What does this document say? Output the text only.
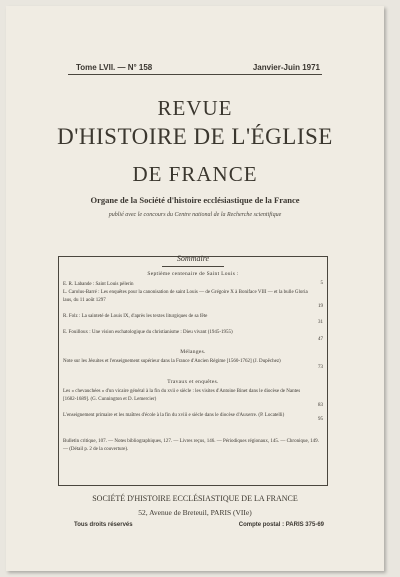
Tome LVII. — N° 158	Janvier-Juin 1971
REVUE
D'HISTOIRE DE L'ÉGLISE
DE FRANCE
Organe de la Société d'histoire ecclésiastique de la France
publié avec le concours du Centre national de la Recherche scientifique
Sommaire
Septième centenaire de Saint Louis :
E. R. Labande : Saint Louis pèlerin	5
L. Carolus-Barré : Les enquêtes pour la canonisation de saint Louis — de Grégoire X à Boniface VIII — et la bulle Gloria laus, du 11 août 1297
19
R. Folz : La sainteté de Louis IX, d'après les textes liturgiques de sa fête
31
E. Fouilloux : Une vision eschatologique du christianisme : Dieu vivant (1945-1955)
47
Mélanges.
Note sur les Jésuites et l'enseignement supérieur dans la France d'Ancien Régime [1560-1762] (J. Dupêchez)
73
Travaux et enquêtes.
Les « chevauchées » d'un vicaire général à la fin du xvii e siècle : les visites d'Antoine Binet dans le diocèse de Nantes [1682-1689]. (G. Cunnington et D. Lemercier)
83
L'enseignement primaire et les maîtres d'école à la fin du xviii e siècle dans le diocèse d'Auxerre. (P. Locatelli)
95
Bulletin critique, 107. — Notes bibliographiques, 127. — Livres reçus, 146. — Périodiques régionaux, 145. — Chronique, 149. — (Détail p. 2 de la couverture).
SOCIÉTÉ D'HISTOIRE ECCLÉSIASTIQUE DE LA FRANCE
52, Avenue de Breteuil, PARIS (VIIe)
Tous droits réservés	Compte postal : PARIS 375-69
